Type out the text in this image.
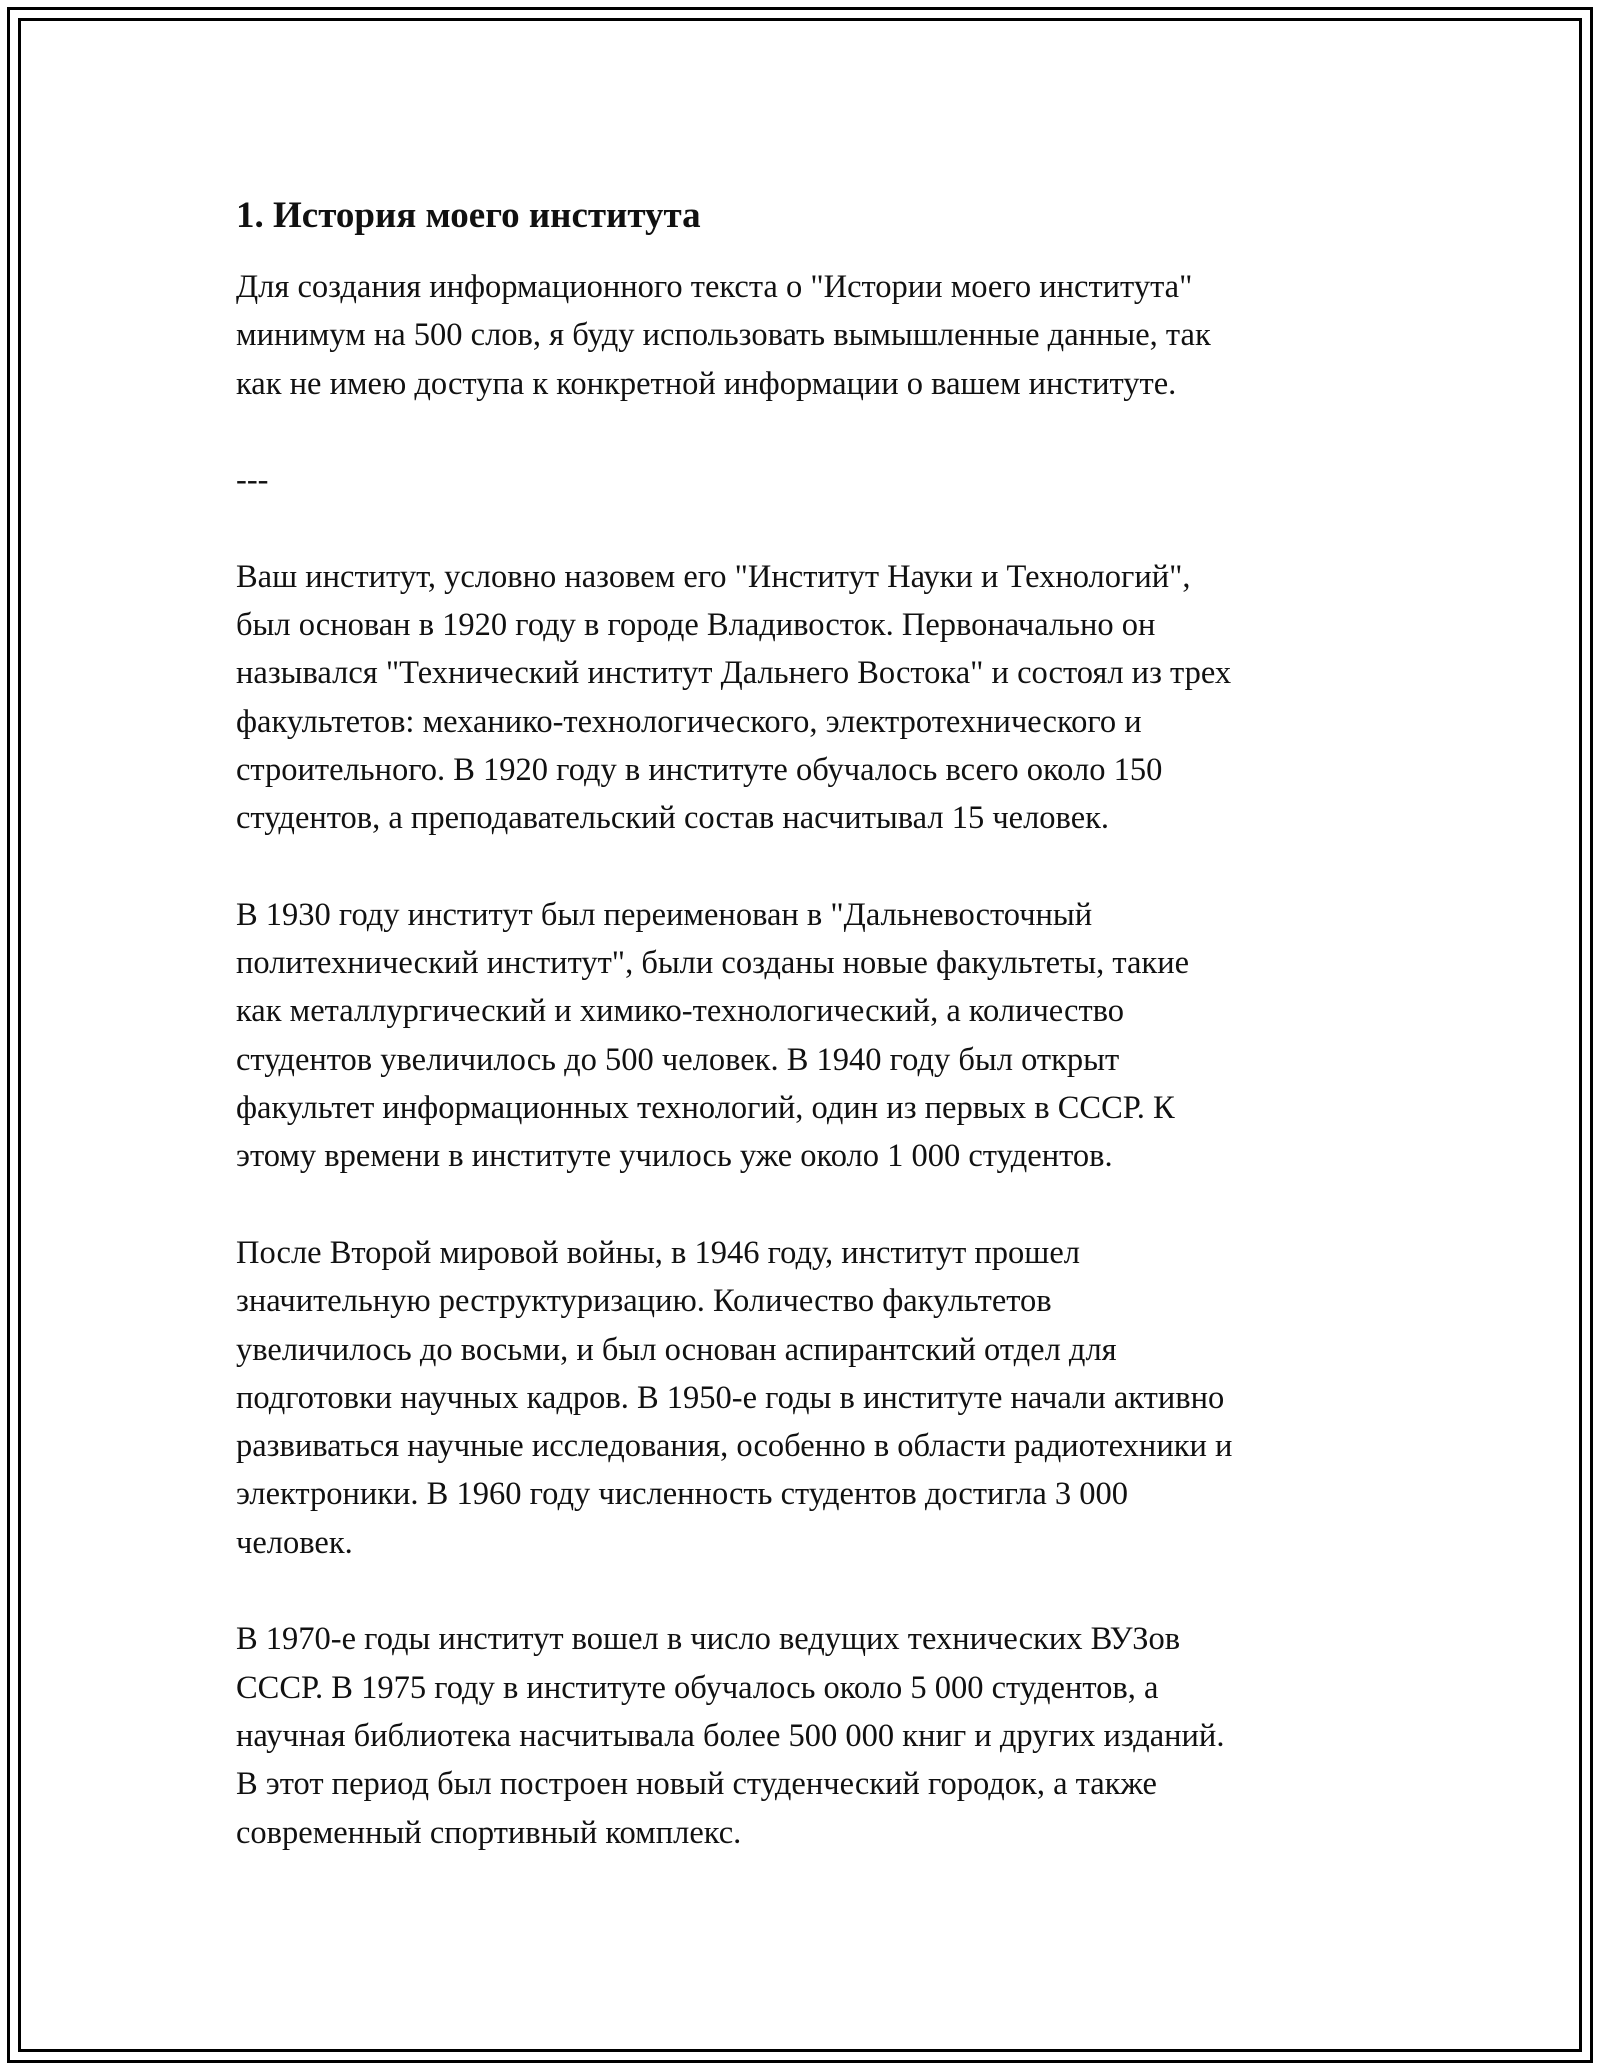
1. История моего института
Для создания информационного текста о "Истории моего института"
минимум на 500 слов, я буду использовать вымышленные данные, так
как не имею доступа к конкретной информации о вашем институте.
---
Ваш институт, условно назовем его "Институт Науки и Технологий",
был основан в 1920 году в городе Владивосток. Первоначально он
назывался "Технический институт Дальнего Востока" и состоял из трех
факультетов: механико-технологического, электротехнического и
строительного. В 1920 году в институте обучалось всего около 150
студентов, а преподавательский состав насчитывал 15 человек.
В 1930 году институт был переименован в "Дальневосточный
политехнический институт", были созданы новые факультеты, такие
как металлургический и химико-технологический, а количество
студентов увеличилось до 500 человек. В 1940 году был открыт
факультет информационных технологий, один из первых в СССР. К
этому времени в институте училось уже около 1 000 студентов.
После Второй мировой войны, в 1946 году, институт прошел
значительную реструктуризацию. Количество факультетов
увеличилось до восьми, и был основан аспирантский отдел для
подготовки научных кадров. В 1950-е годы в институте начали активно
развиваться научные исследования, особенно в области радиотехники и
электроники. В 1960 году численность студентов достигла 3 000
человек.
В 1970-е годы институт вошел в число ведущих технических ВУЗов
СССР. В 1975 году в институте обучалось около 5 000 студентов, а
научная библиотека насчитывала более 500 000 книг и других изданий.
В этот период был построен новый студенческий городок, а также
современный спортивный комплекс.
